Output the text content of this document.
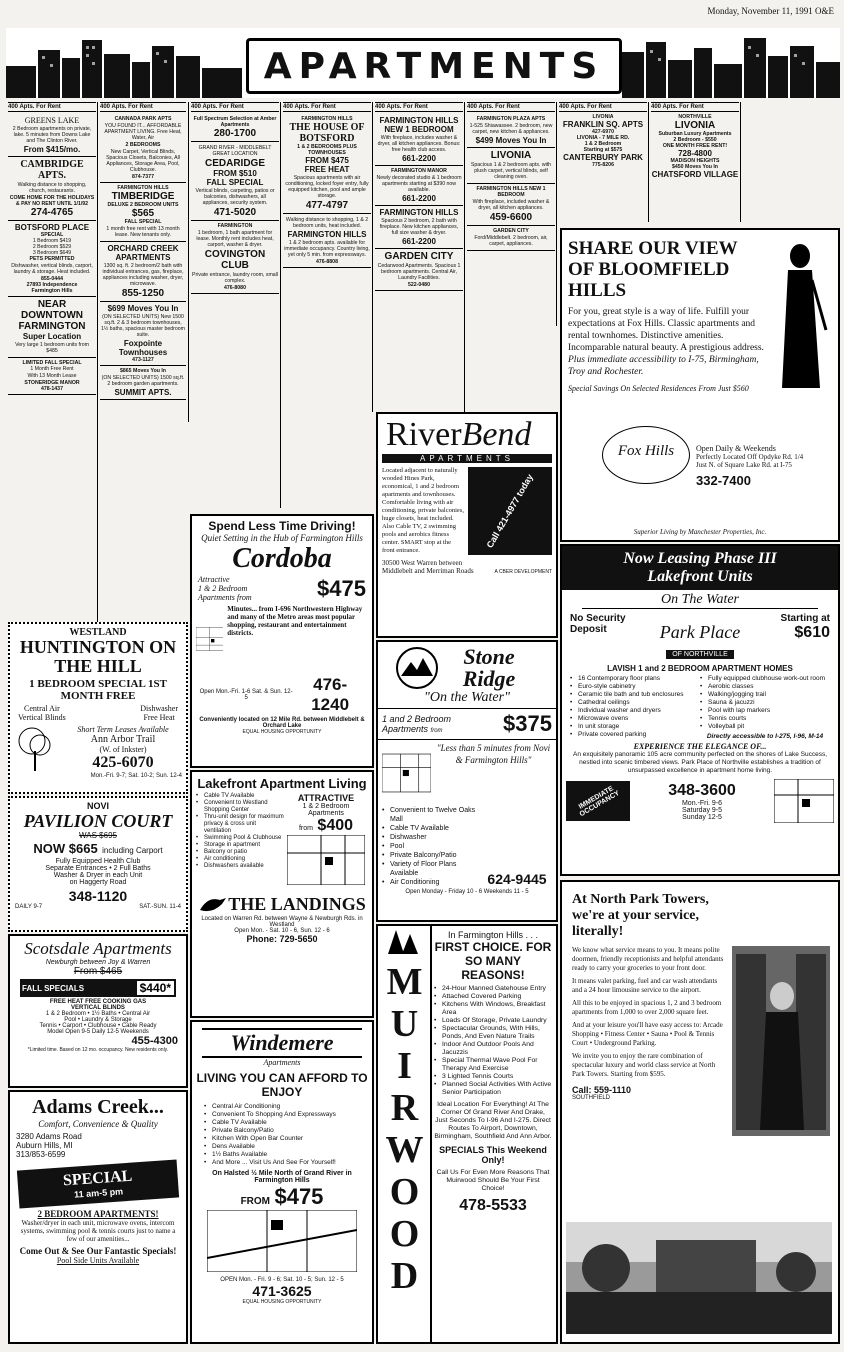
Monday, November 11, 1991 O&E
APARTMENTS
400 Apts. For Rent
GREENS LAKE

2 Bedroom apartments on private, lake. 5 minutes from Downs Lake and The Clinton River.

From $415/mo.
CAMBRIDGE APTS.

Walking distance to shopping, church, restaurants.

COME HOME FOR THE HOLIDAYS & PAY NO RENT UNTIL 1/1/92
274-4765
BOTSFORD PLACE
SPECIAL
1 Bedroom $419
2 Bedroom $529
3 Bedroom $649
PETS PERMITTED

Dishwasher, vertical blinds, carport, laundry & storage. Heat included.

855-0444
27893 Independence
Farmington Hills
NEAR DOWNTOWN FARMINGTON
Super Location

Very large 1 bedroom units from $485

LIMITED FALL SPECIAL
1 Month Free Rent

With 13 Month Lease

STONERIDGE MANOR
478-1437
400 Apts. For Rent
CANNADA PARK APTS

YOU FOUND IT... AFFORDABLE APARTMENT LIVING. Free Heat, Water, Air

2 BEDROOMS

New Carpet, Vertical Blinds, Spacious Closets, Balconies, All Appliances, Storage Area, Pool, Clubhouse.

874-7377
FARMINGTON HILLS
TIMBERIDGE
DELUXE 2 BEDROOM UNITS
$565
FALL SPECIAL

1 month free rent with 13 month lease. New tenants only.

ORCHARD CREEK APARTMENTS

1300 sq. ft. 2 bedroom/2 bath with individual entrances, gas, fireplace, appliances including washer, dryer, microwave.

855-1250
$699 Moves You In

(ON SELECTED UNITS) New 1500 sq.ft. 2 & 3 bedroom townhouses, 1½ baths, spacious master bedroom suite.

Foxpointe Townhouses
473-1127
$865 Moves You In

(ON SELECTED UNITS) 1500 sq.ft. 2 bedroom garden apartments.

SUMMIT APTS.
400 Apts. For Rent
Full Spectrum Selection at Amber Apartments
280-1700

GRAND RIVER - MIDDLEBELT GREAT LOCATION

CEDARIDGE
FROM $510
FALL SPECIAL

Vertical blinds, carpeting, patios or balconies, dishwashers, all appliances, security system.

471-5020
FARMINGTON

1 bedroom, 1 bath apartment for lease. Monthly rent includes heat, carport, washer & dryer.

COVINGTON CLUB

Private entrance, laundry room, small complex.

476-8080
400 Apts. For Rent
FARMINGTON HILLS
THE HOUSE OF BOTSFORD
1 & 2 BEDROOMS PLUS TOWNHOUSES
FROM $475
FREE HEAT

Spacious apartments with air conditioning, locked foyer entry, fully equipped kitchen, pool and ample storage.

477-4797

Walking distance to shopping, 1 & 2 bedroom units, heat included.

FARMINGTON HILLS

1 & 2 bedroom apts. available for immediate occupancy. Country living, yet only 5 min. from expressways.

476-8808
400 Apts. For Rent
FARMINGTON HILLS NEW 1 BEDROOM

With fireplace, includes washer & dryer, all kitchen appliances. Bonus: free health club access.

661-2200
FARMINGTON MANOR

Newly decorated studio & 1 bedroom apartments starting at $390 now available.

661-2200
FARMINGTON HILLS

Spacious 2 bedroom, 2 bath with fireplace. New kitchen appliances, full size washer & dryer.

661-2200
GARDEN CITY

Cedarwood Apartments. Spacious 1 bedroom apartments. Central Air, Laundry Facilities.

522-0480
400 Apts. For Rent
FARMINGTON PLAZA APTS

1-525 Shiawassee. 2 bedroom, new carpet, new kitchen & appliances.

$499 Moves You In
LIVONIA

Spacious 1 & 2 bedroom apts. with plush carpet, vertical blinds, self cleaning oven.

FARMINGTON HILLS NEW 1 BEDROOM

With fireplace, included washer & dryer, all kitchen appliances.

459-6600
GARDEN CITY

Ford/Middlebelt. 2 bedroom, air, carpet, appliances.

400 Apts. For Rent
LIVONIA
FRANKLIN SQ. APTS
427-6970
LIVONIA - 7 MILE RD.
1 & 2 Bedroom
Starting at $575
CANTERBURY PARK
775-8206
400 Apts. For Rent
NORTHVILLE
LIVONIA
Suburban Luxury Apartments
2 Bedroom - $550
ONE MONTH FREE RENT!
728-4800
MADISON HEIGHTS
$450 Moves You In
CHATSFORD VILLAGE
WESTLAND
HUNTINGTON ON THE HILL
1 BEDROOM SPECIAL 1ST MONTH FREE
Central Air
Vertical Blinds
Dishwasher
Free Heat
Short Term Leases Available
Ann Arbor Trail
(W. of Inkster)
425-6070
Mon.-Fri. 9-7; Sat. 10-2; Sun. 12-4
NOVI
PAVILION COURT
WAS $695
NOW $665 including Carport
Fully Equipped Health Club
Separate Entrances • 2 Full Baths
Washer & Dryer in each Unit
on Haggerty Road
348-1120
DAILY 9-7	SAT.-SUN. 11-4
Scotsdale Apartments
Newburgh between Joy & Warren
From $465
FALL SPECIALS	$440*
FREE HEAT FREE COOKING GAS
VERTICAL BLINDS
1 & 2 Bedroom • 1½ Baths • Central Air
Pool • Laundry & Storage
Tennis • Carport • Clubhouse • Cable Ready
Model Open 9-5 Daily 12-5 Weekends
455-4300
*Limited time. Based on 12 mo. occupancy. New residents only.
Adams Creek...
Comfort, Convenience & Quality
3280 Adams Road
Auburn Hills, MI
313/853-6599
SPECIAL
11 am-5 pm
2 BEDROOM APARTMENTS!
Washer/dryer in each unit, microwave ovens, intercom systems, swimming pool & tennis courts just to name a few of our amenities...
Come Out & See Our Fantastic Specials!
Pool Side Units Available
Spend Less Time Driving!
Quiet Setting in the Hub of Farmington Hills
Cordoba
Attractive
1 & 2 Bedroom
Apartments from	$475
Minutes... from I-696 Northwestern Highway and many of the Metro areas most popular shopping, restaurant and entertainment districts.
Open Mon.-Fri. 1-6 Sat. & Sun. 12-5
476-1240
Conveniently located on 12 Mile Rd. between Middlebelt & Orchard Lake
EQUAL HOUSING OPPORTUNITY
Lakefront Apartment Living
• Cable TV Available
• Convenient to Westland Shopping Center
• Thru-unit design for maximum privacy & cross unit ventilation
• Swimming Pool & Clubhouse
• Storage in apartment
• Balcony or patio
• Air conditioning
• Dishwashers available
ATTRACTIVE
1 & 2 Bedroom Apartments
from $400
THE LANDINGS
Located on Warren Rd. between Wayne & Newburgh Rds. in Westland
Open Mon. - Sat. 10 - 6, Sun. 12 - 6
Phone: 729-5650
Windemere
Apartments
LIVING YOU CAN AFFORD TO ENJOY
• Central Air Conditioning
• Convenient To Shopping And Expressways
• Cable TV Available
• Private Balcony/Patio
• Kitchen With Open Bar Counter
• Dens Available
• 1½ Baths Available
• And More ... Visit Us And See For Yourself!
On Halsted ½ Mile North of Grand River in Farmington Hills
FROM $475
OPEN Mon. - Fri. 9 - 6; Sat. 10 - 5; Sun. 12 - 5
471-3625
EQUAL HOUSING OPPORTUNITY
RiverBend
APARTMENTS
Located adjacent to naturally wooded Hines Park, economical, 1 and 2 bedroom apartments and townhouses. Comfortable living with air conditioning, private balconies, huge closets, heat included. Also Cable TV, 2 swimming pools and aerobics fitness center. SMART stop at the front entrance.
Call 421-4977 today
30500 West Warren between Middlebelt and Merriman Roads	A CBER DEVELOPMENT
Stone Ridge
"On the Water"
1 and 2 Bedroom
Apartments from	$375
"Less than 5 minutes from Novi & Farmington Hills"
• Convenient to Twelve Oaks Mall
• Cable TV Available
• Dishwasher
• Pool
• Private Balcony/Patio
• Variety of Floor Plans Available
• Air Conditioning	624-9445
Open Monday - Friday 10 - 6 Weekends 11 - 5
MUIRWOOD
In Farmington Hills . . .
FIRST CHOICE. FOR SO MANY REASONS!
• 24-Hour Manned Gatehouse Entry
• Attached Covered Parking
• Kitchens With Windows, Breakfast Area
• Loads Of Storage, Private Laundry
• Spectacular Grounds, With Hills, Ponds, And Even Nature Trails
• Indoor And Outdoor Pools And Jacuzzis
• Special Thermal Wave Pool For Therapy And Exercise
• 3 Lighted Tennis Courts
• Planned Social Activities With Active Senior Participation
Ideal Location For Everything! At The Corner Of Grand River And Drake, Just Seconds To I-96 And I-275. Direct Routes To Airport, Downtown, Birmingham, Southfield And Ann Arbor.
SPECIALS This Weekend Only!
Call Us For Even More Reasons That Muirwood Should Be Your First Choice!
478-5533
SHARE OUR VIEW
OF BLOOMFIELD HILLS
For you, great style is a way of life. Fulfill your expectations at Fox Hills. Classic apartments and rental townhomes. Distinctive amenities. Incomparable natural beauty. A prestigious address.
Plus immediate accessibility to I-75, Birmingham, Troy and Rochester.
Special Savings On Selected Residences From Just $560
Fox Hills	Open Daily & Weekends
Perfectly Located Off Opdyke Rd. 1/4
Just N. of Square Lake Rd. at I-75
332-7400
Superior Living by Manchester Properties, Inc.
Now Leasing Phase III
Lakefront Units
On The Water
No Security Deposit
Starting at
$610
Park Place
OF NORTHVILLE
LAVISH 1 and 2 BEDROOM APARTMENT HOMES
• 16 Contemporary floor plans
• Euro-style cabinetry
• Ceramic tile bath and tub enclosures
• Cathedral ceilings
• Individual washer and dryers
• Microwave ovens
• In unit storage
• Private covered parking
• Fully equipped clubhouse work-out room
• Aerobic classes
• Walking/jogging trail
• Sauna & jacuzzi
• Pool with lap markers
• Tennis courts
• Volleyball pit
Directly accessible to I-275, I-96, M-14
EXPERIENCE THE ELEGANCE OF...
An exquisitely panoramic 105 acre community perfected on the shores of Lake Success, nestled into scenic timbered views. Park Place of Northville establishes a tradition of unsurpassed excellence in apartment home living.
IMMEDIATE OCCUPANCY	348-3600
Mon.-Fri. 9-6
Saturday 9-5
Sunday 12-5
At North Park Towers, we're at your service, literally!
We know what service means to you. It means polite doormen, friendly receptionists and helpful attendants ready to carry your groceries to your front door.
It means valet parking, fuel and car wash attendants and a 24 hour limousine service to the airport.
All this to be enjoyed in spacious 1, 2 and 3 bedroom apartments from 1,000 to over 2,000 square feet.
And at your leisure you'll have easy access to: Arcade Shopping • Fitness Center • Sauna • Pool & Tennis Court • Underground Parking.
We invite you to enjoy the rare combination of spectacular luxury and world class service at North Park Towers. Starting from $595.
Call: 559-1110
SOUTHFIELD
